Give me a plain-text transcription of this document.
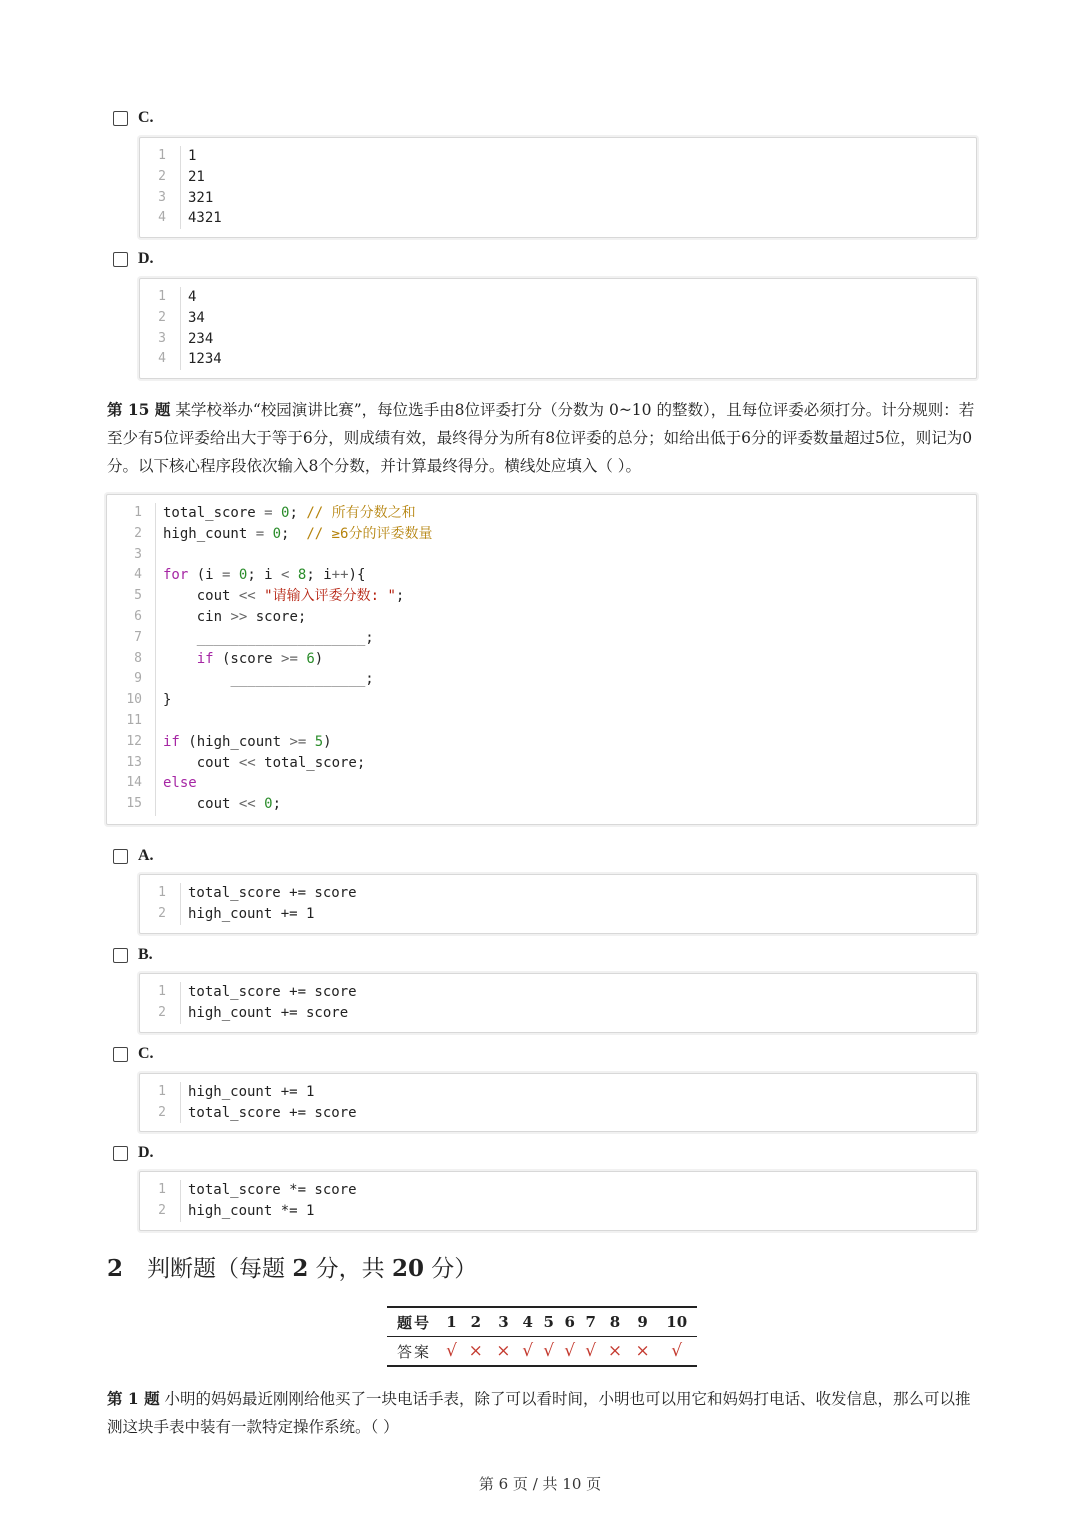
C.
1 1
2 21
3 321
4 4321
D.
1 4
2 34
3 234
4 1234
第 15 题 某学校举办“校园演讲比赛”，每位选手由8位评委打分（分数为 0~10 的整数），且每位评委必须打分。计分规则：若至少有5位评委给出大于等于6分，则成绩有效，最终得分为所有8位评委的总分；如给出低于6分的评委数量超过5位，则记为0分。以下核心程序段依次输入8个分数，并计算最终得分。横线处应填入（ ）。
1 total_score = 0; // 所有分数之和
2 high_count = 0;  // ≥6分的评委数量
3
4 for (i = 0; i < 8; i++){
5 cout << "请输入评委分数: ";
6 cin >> score;
7	____________________;
8	if (score >= 6)
9	________________;
10 }
11
12 if (high_count >= 5)
13 cout << total_score;
14 else
15 cout << 0;
A.
1 total_score += score
2 high_count += 1
B.
1 total_score += score
2 high_count += score
C.
1 high_count += 1
2 total_score += score
D.
1 total_score *= score
2 high_count *= 1
2 判断题（每题 2 分，共 20 分）
题号	1	2	3	4	5	6	7	8	9	10
答案	√	×	×	√	√	√	√	×	×	√
第 1 题 小明的妈妈最近刚刚给他买了一块电话手表，除了可以看时间，小明也可以用它和妈妈打电话、收发信息，那么可以推测这块手表中装有一款特定操作系统。（ ）
第 6 页 / 共 10 页
